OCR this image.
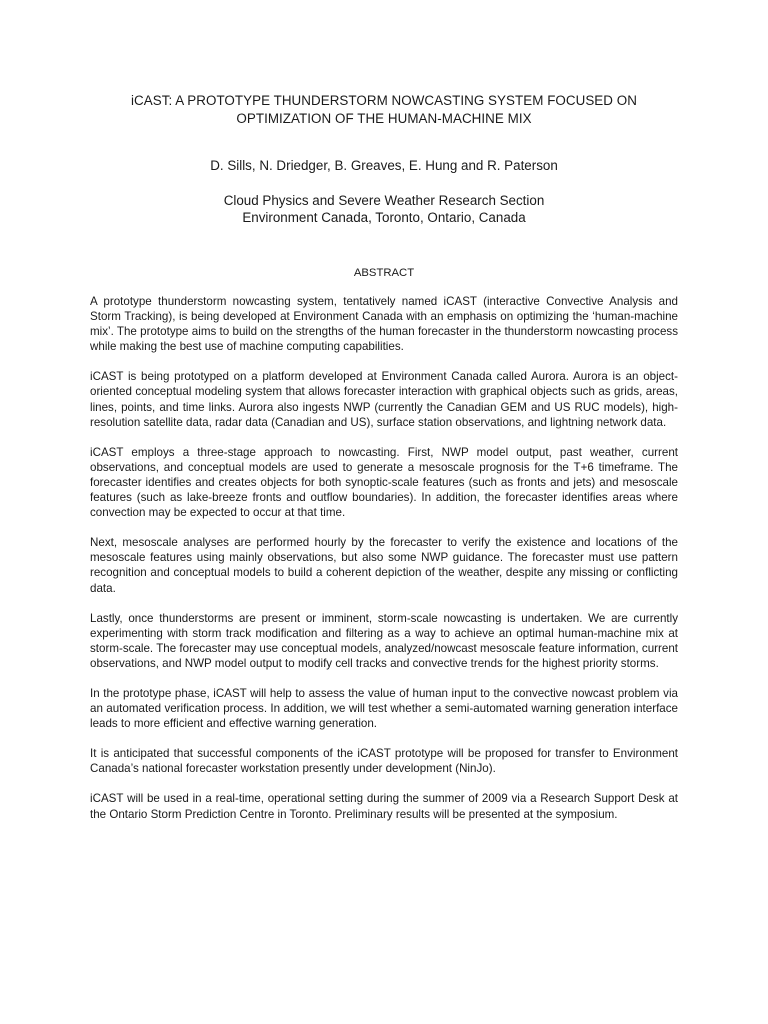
iCAST: A PROTOTYPE THUNDERSTORM NOWCASTING SYSTEM FOCUSED ON
OPTIMIZATION OF THE HUMAN-MACHINE MIX
D. Sills, N. Driedger, B. Greaves, E. Hung and R. Paterson
Cloud Physics and Severe Weather Research Section
Environment Canada, Toronto, Ontario, Canada
ABSTRACT

A prototype thunderstorm nowcasting system, tentatively named iCAST (interactive Convective Analysis and Storm Tracking), is being developed at Environment Canada with an emphasis on optimizing the ‘human-machine mix’. The prototype aims to build on the strengths of the human forecaster in the thunderstorm nowcasting process while making the best use of machine computing capabilities.

iCAST is being prototyped on a platform developed at Environment Canada called Aurora. Aurora is an object-oriented conceptual modeling system that allows forecaster interaction with graphical objects such as grids, areas, lines, points, and time links. Aurora also ingests NWP (currently the Canadian GEM and US RUC models), high-resolution satellite data, radar data (Canadian and US), surface station observations, and lightning network data.

iCAST employs a three-stage approach to nowcasting. First, NWP model output, past weather, current observations, and conceptual models are used to generate a mesoscale prognosis for the T+6 timeframe. The forecaster identifies and creates objects for both synoptic-scale features (such as fronts and jets) and mesoscale features (such as lake-breeze fronts and outflow boundaries). In addition, the forecaster identifies areas where convection may be expected to occur at that time.

Next, mesoscale analyses are performed hourly by the forecaster to verify the existence and locations of the mesoscale features using mainly observations, but also some NWP guidance. The forecaster must use pattern recognition and conceptual models to build a coherent depiction of the weather, despite any missing or conflicting data.

Lastly, once thunderstorms are present or imminent, storm-scale nowcasting is undertaken. We are currently experimenting with storm track modification and filtering as a way to achieve an optimal human-machine mix at storm-scale. The forecaster may use conceptual models, analyzed/nowcast mesoscale feature information, current observations, and NWP model output to modify cell tracks and convective trends for the highest priority storms.

In the prototype phase, iCAST will help to assess the value of human input to the convective nowcast problem via an automated verification process. In addition, we will test whether a semi-automated warning generation interface leads to more efficient and effective warning generation.

It is anticipated that successful components of the iCAST prototype will be proposed for transfer to Environment Canada’s national forecaster workstation presently under development (NinJo).

iCAST will be used in a real-time, operational setting during the summer of 2009 via a Research Support Desk at the Ontario Storm Prediction Centre in Toronto. Preliminary results will be presented at the symposium.
